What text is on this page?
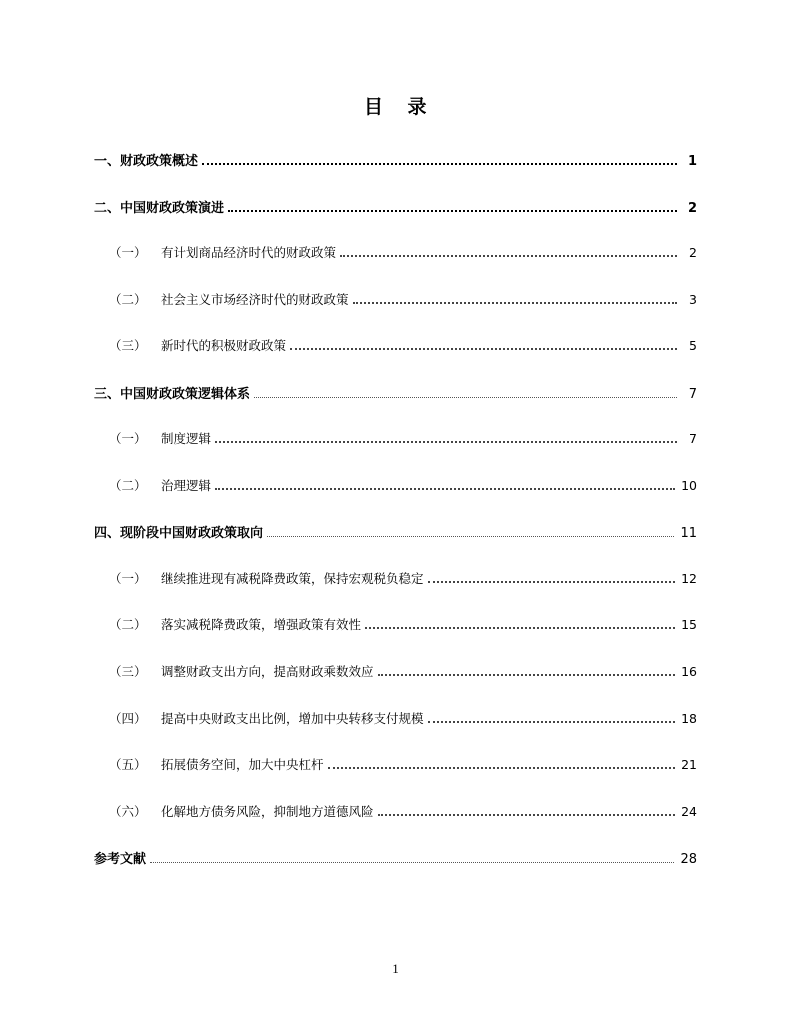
目 录
一、财政政策概述	1
二、中国财政政策演进	2
（一）	有计划商品经济时代的财政政策	2
（二）	社会主义市场经济时代的财政政策	3
（三）	新时代的积极财政政策	5
三、中国财政政策逻辑体系	7
（一）	制度逻辑	7
（二）	治理逻辑	10
四、现阶段中国财政政策取向	11
（一）	继续推进现有减税降费政策，保持宏观税负稳定	12
（二）	落实减税降费政策，增强政策有效性	15
（三）	调整财政支出方向，提高财政乘数效应	16
（四）	提高中央财政支出比例，增加中央转移支付规模	18
（五）	拓展债务空间，加大中央杠杆	21
（六）	化解地方债务风险，抑制地方道德风险	24
参考文献	28
1
